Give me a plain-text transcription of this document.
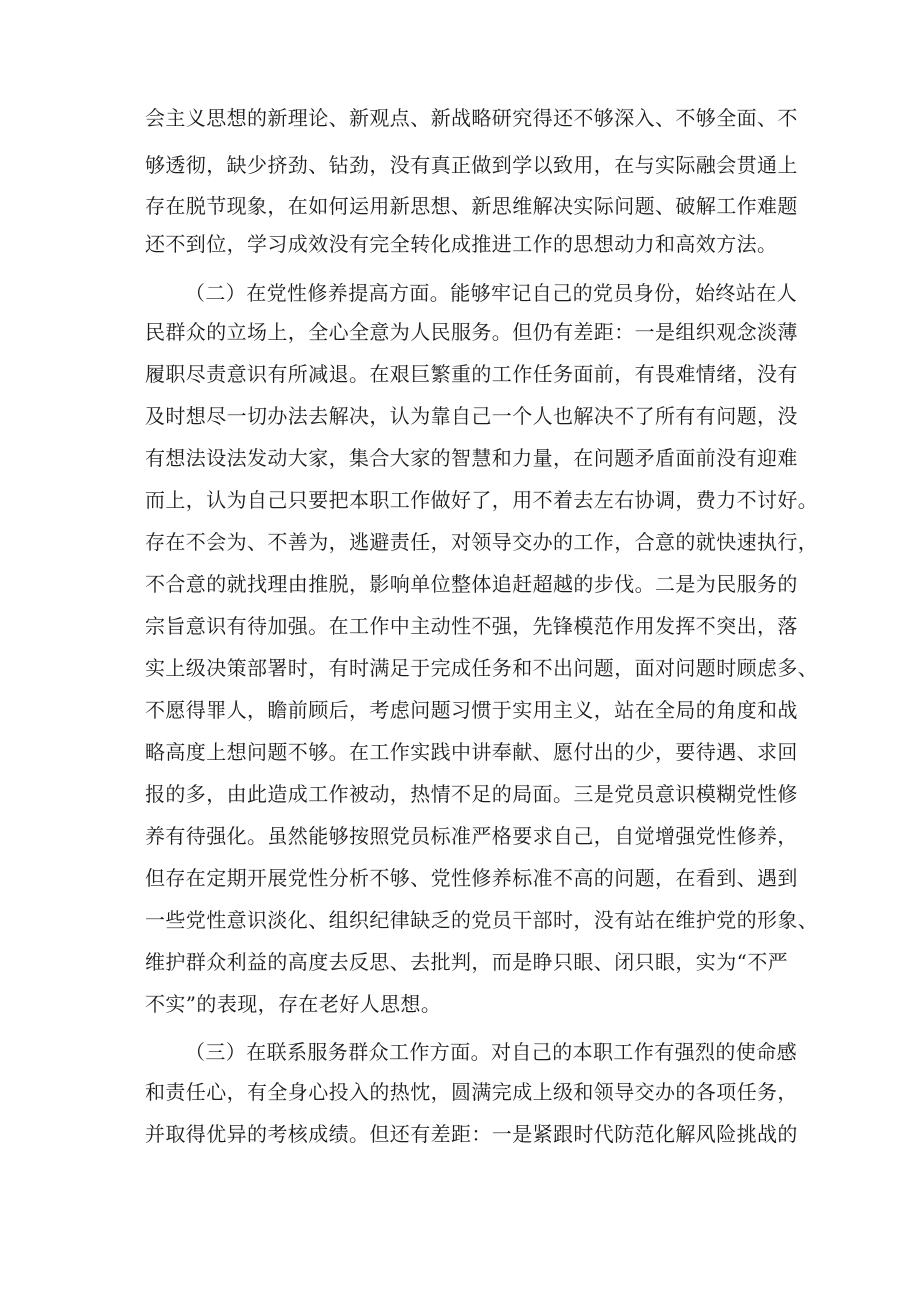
会主义思想的新理论、新观点、新战略研究得还不够深入、不够全面、不
够透彻，缺少挤劲、钻劲，没有真正做到学以致用，在与实际融会贯通上
存在脱节现象，在如何运用新思想、新思维解决实际问题、破解工作难题
还不到位，学习成效没有完全转化成推进工作的思想动力和高效方法。
（二）在党性修养提高方面。能够牢记自己的党员身份，始终站在人
民群众的立场上，全心全意为人民服务。但仍有差距：一是组织观念淡薄
履职尽责意识有所减退。在艰巨繁重的工作任务面前，有畏难情绪，没有
及时想尽一切办法去解决，认为靠自己一个人也解决不了所有有问题，没
有想法设法发动大家，集合大家的智慧和力量，在问题矛盾面前没有迎难
而上，认为自己只要把本职工作做好了，用不着去左右协调，费力不讨好。
存在不会为、不善为，逃避责任，对领导交办的工作，合意的就快速执行，
不合意的就找理由推脱，影响单位整体追赶超越的步伐。二是为民服务的
宗旨意识有待加强。在工作中主动性不强，先锋模范作用发挥不突出，落
实上级决策部署时，有时满足于完成任务和不出问题，面对问题时顾虑多、
不愿得罪人，瞻前顾后，考虑问题习惯于实用主义，站在全局的角度和战
略高度上想问题不够。在工作实践中讲奉献、愿付出的少，要待遇、求回
报的多，由此造成工作被动，热情不足的局面。三是党员意识模糊党性修
养有待强化。虽然能够按照党员标准严格要求自己，自觉增强党性修养，
但存在定期开展党性分析不够、党性修养标准不高的问题，在看到、遇到
一些党性意识淡化、组织纪律缺乏的党员干部时，没有站在维护党的形象、
维护群众利益的高度去反思、去批判，而是睁只眼、闭只眼，实为“不严
不实”的表现，存在老好人思想。
（三）在联系服务群众工作方面。对自己的本职工作有强烈的使命感
和责任心，有全身心投入的热忱，圆满完成上级和领导交办的各项任务，
并取得优异的考核成绩。但还有差距：一是紧跟时代防范化解风险挑战的
